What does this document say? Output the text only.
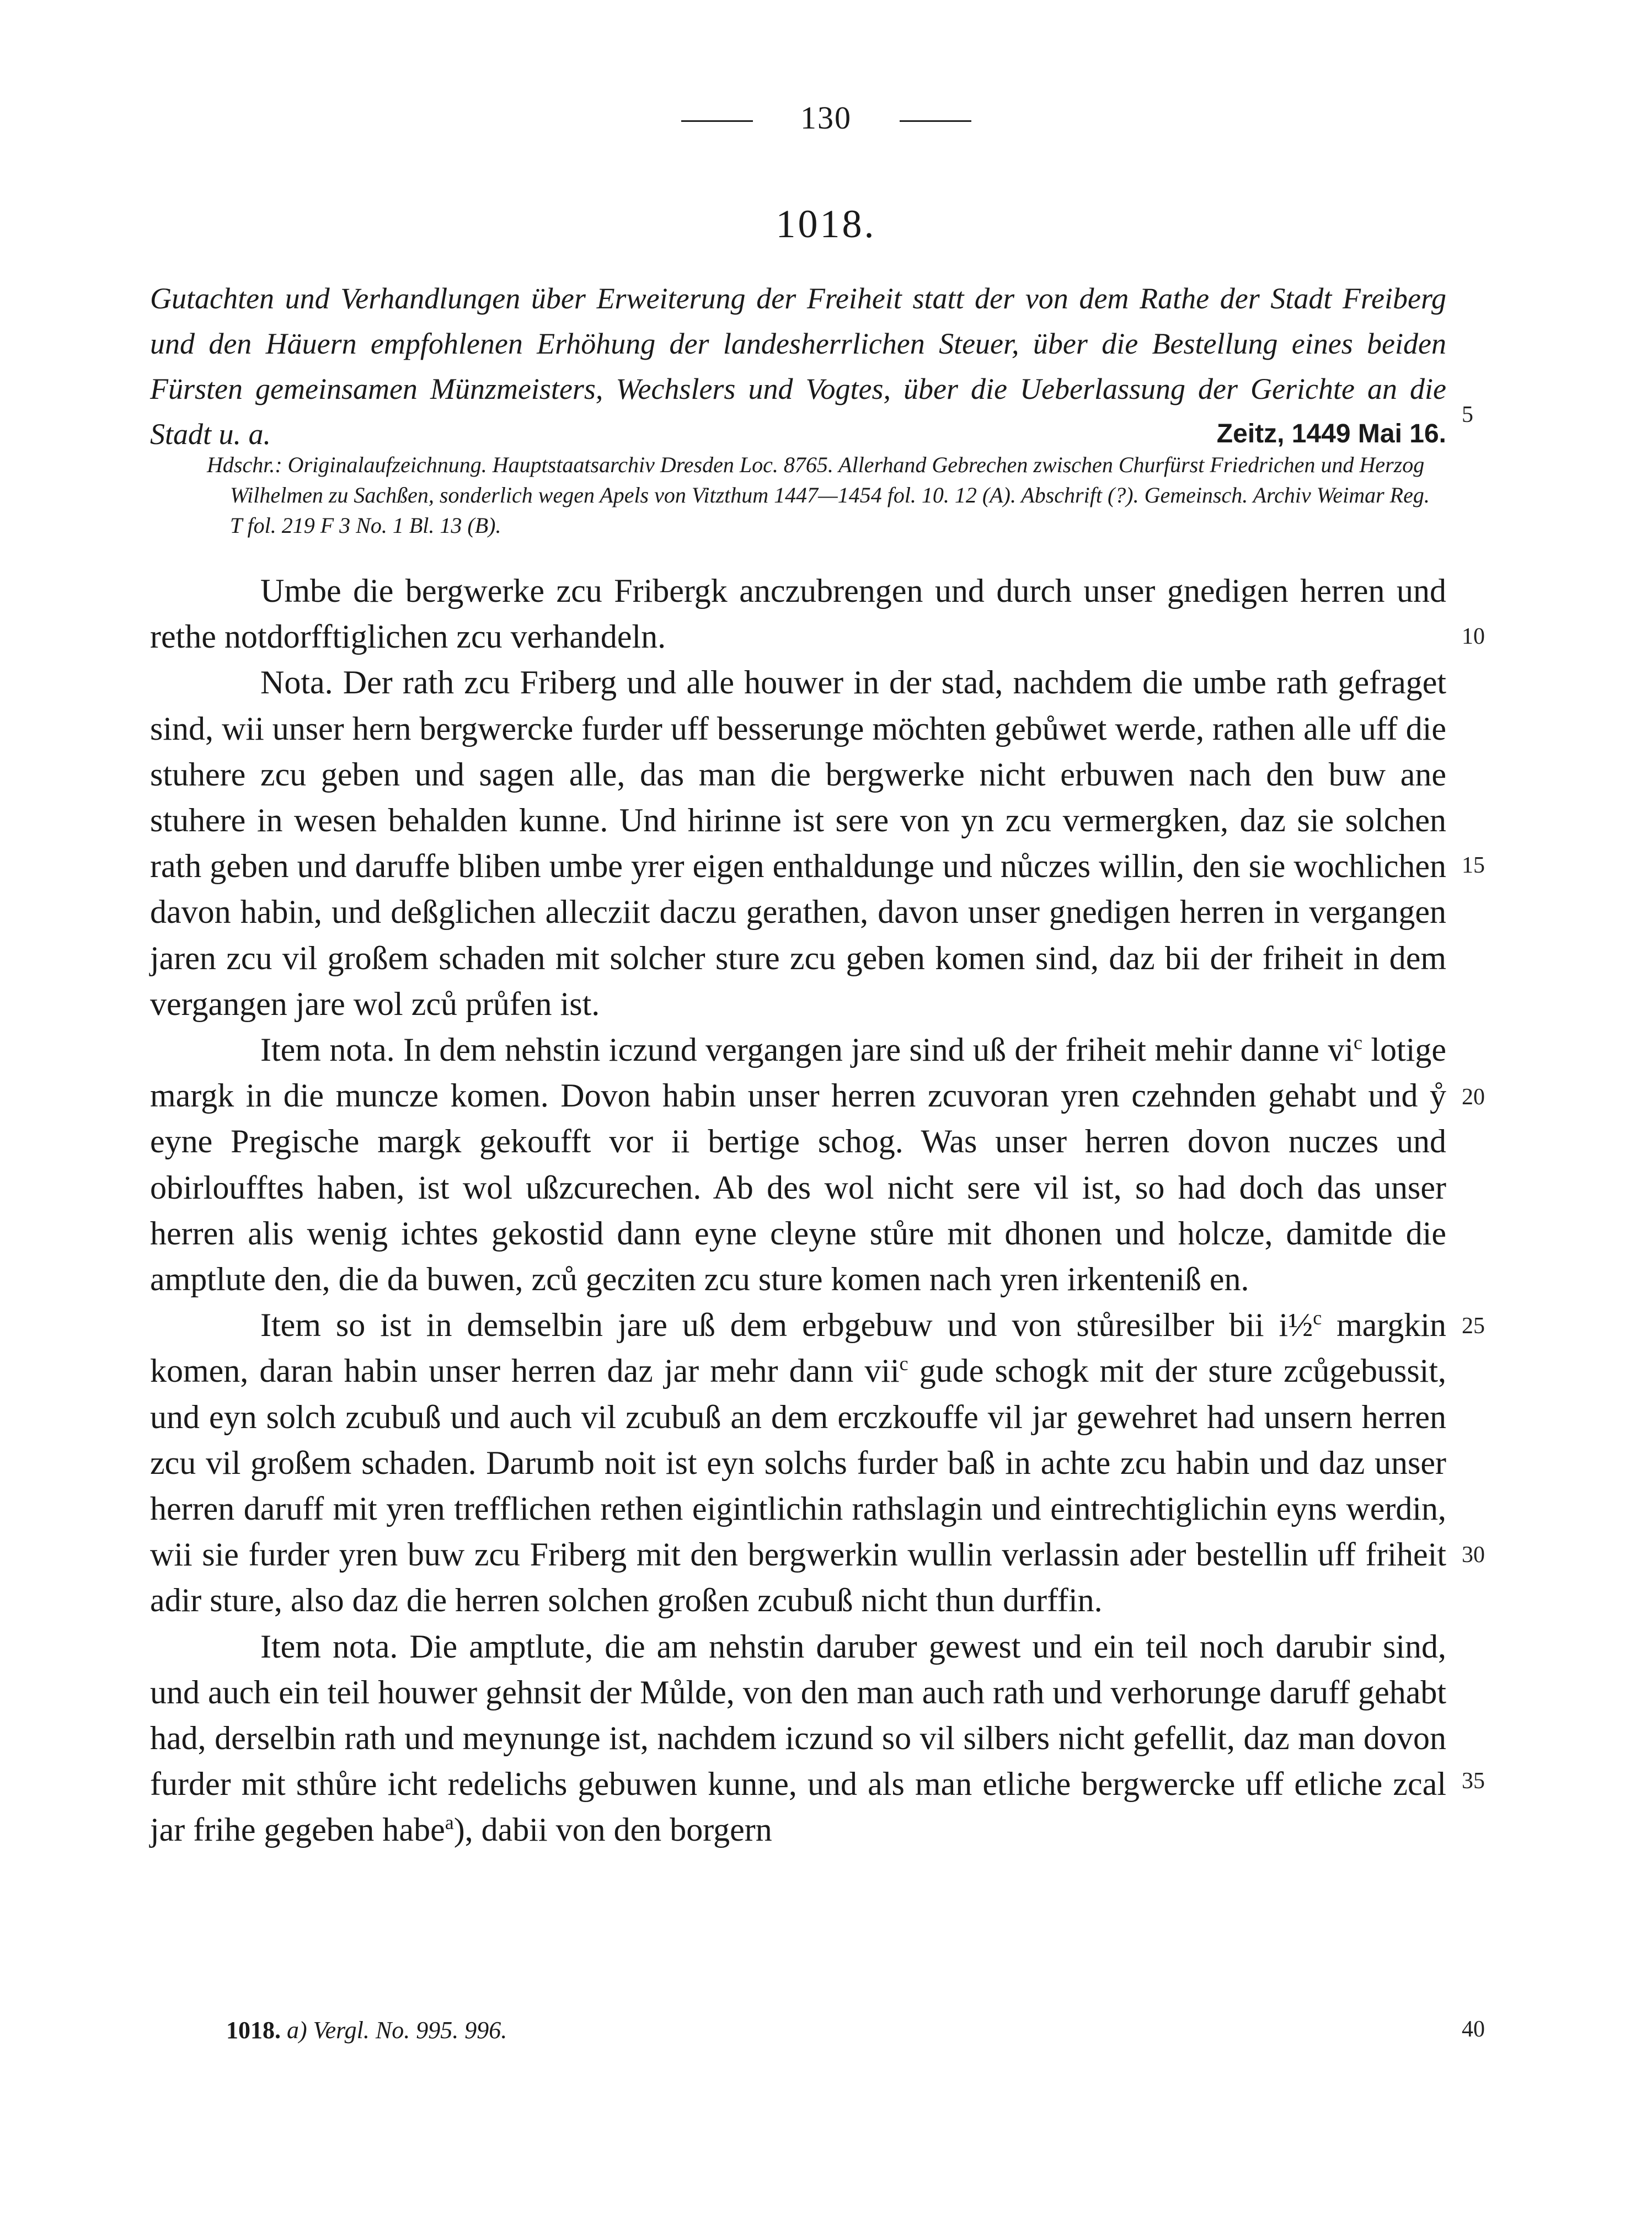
130
1018.

Gutachten und Verhandlungen über Erweiterung der Freiheit statt der von dem Rathe der Stadt Freiberg und den Häuern empfohlenen Erhöhung der landesherrlichen Steuer, über die Bestellung eines beiden Fürsten gemeinsamen Münzmeisters, Wechslers und Vogtes, über die Ueberlassung der Gerichte an die Stadt u. a.	Zeitz, 1449 Mai 16.

Hdschr.: Originalaufzeichnung. Hauptstaatsarchiv Dresden Loc. 8765. Allerhand Gebrechen zwischen Churfürst Friedrichen und Herzog Wilhelmen zu Sachßen, sonderlich wegen Apels von Vitzthum 1447—1454 fol. 10. 12 (A). Abschrift (?). Gemeinsch. Archiv Weimar Reg. T fol. 219 F 3 No. 1 Bl. 13 (B).

Umbe die bergwerke zcu Fribergk anczubrengen und durch unser gnedigen herren und rethe notdorfftiglichen zcu verhandeln.

Nota. Der rath zcu Friberg und alle houwer in der stad, nachdem die umbe rath gefraget sind, wii unser hern bergwercke furder uff besserunge möchten gebůwet werde, rathen alle uff die stuhere zcu geben und sagen alle, das man die bergwerke nicht erbuwen nach den buw ane stuhere in wesen behalden kunne. Und hirinne ist sere von yn zcu vermergken, daz sie solchen rath geben und daruffe bliben umbe yrer eigen enthaldunge und nůczes willin, den sie wochlichen davon habin, und deßglichen allecziit daczu gerathen, davon unser gnedigen herren in vergangen jaren zcu vil großem schaden mit solcher sture zcu geben komen sind, daz bii der friheit in dem vergangen jare wol zců průfen ist.

Item nota. In dem nehstin iczund vergangen jare sind uß der friheit mehir danne $vi^c$ lotige margk in die muncze komen. Dovon habin unser herren zcuvoran yren czehnden gehabt und ẙ eyne Pregische margk gekoufft vor ii bertige schog. Was unser herren dovon nuczes und obirloufftes haben, ist wol ußzcurechen. Ab des wol nicht sere vil ist, so had doch das unser herren alis wenig ichtes gekostid dann eyne cleyne stůre mit dhonen und holcze, damitde die amptlute den, die da buwen, zců gecziten zcu sture komen nach yren irkenteniß en.

Item so ist in demselbin jare uß dem erbgebuw und von stůresilber bii i½$^c$ margkin komen, daran habin unser herren daz jar mehr dann vii$^c$ gude schogk mit der sture zcůgebussit, und eyn solch zcubuß und auch vil zcubuß an dem erczkouffe vil jar gewehret had unsern herren zcu vil großem schaden. Darumb noit ist eyn solchs furder baß in achte zcu habin und daz unser herren daruff mit yren trefflichen rethen eigintlichin rathslagin und eintrechtiglichin eyns werdin, wii sie furder yren buw zcu Friberg mit den bergwerkin wullin verlassin ader bestellin uff friheit adir sture, also daz die herren solchen großen zcubuß nicht thun durffin.

Item nota. Die amptlute, die am nehstin daruber gewest und ein teil noch darubir sind, und auch ein teil houwer gehnsit der Můlde, von den man auch rath und verhorunge daruff gehabt had, derselbin rath und meynunge ist, nachdem iczund so vil silbers nicht gefellit, daz man dovon furder mit sthůre icht redelichs gebuwen kunne, und als man etliche bergwercke uff etliche zcal jar frihe gegeben habe$^a$), dabii von den borgern

5
10
15
20
25
30
35
40
1018. a) Vergl. No. 995. 996.
